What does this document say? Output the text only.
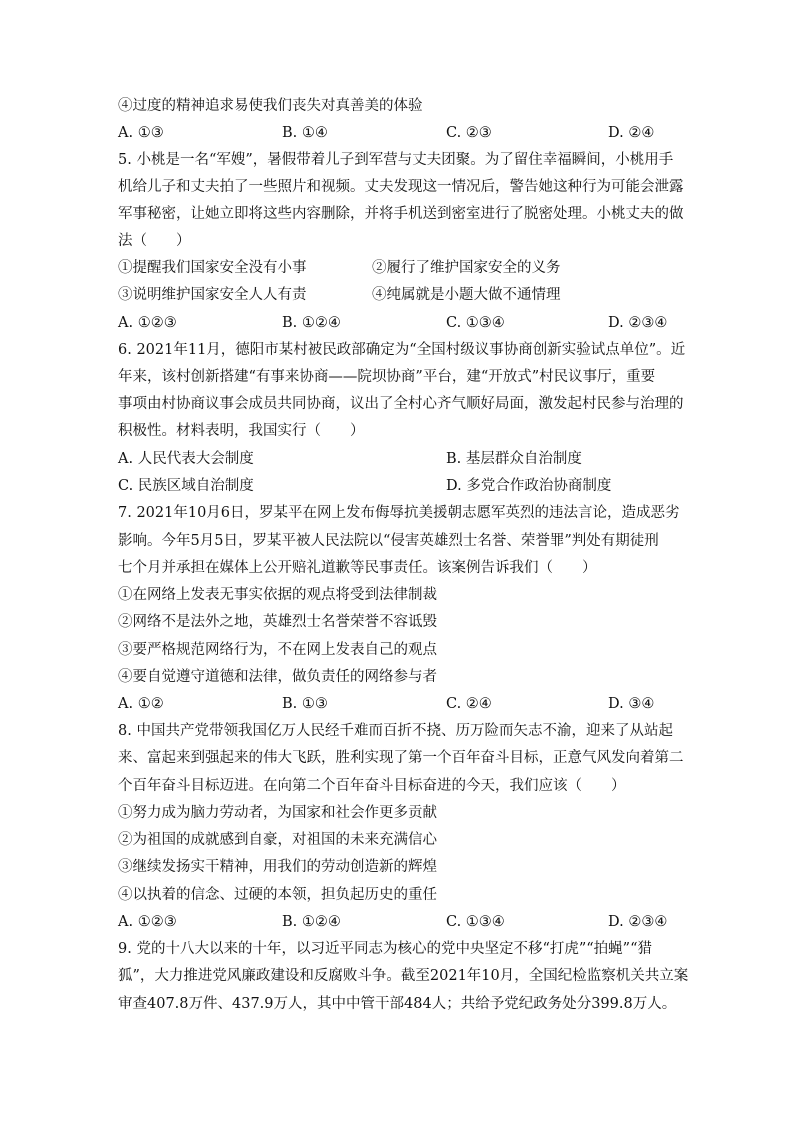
④过度的精神追求易使我们丧失对真善美的体验
A. ①③	B. ①④	C. ②③	D. ②④
5. 小桃是一名“军嫂”，暑假带着儿子到军营与丈夫团聚。为了留住幸福瞬间，小桃用手
机给儿子和丈夫拍了一些照片和视频。丈夫发现这一情况后，警告她这种行为可能会泄露
军事秘密，让她立即将这些内容删除，并将手机送到密室进行了脱密处理。小桃丈夫的做
法（　　）
①提醒我们国家安全没有小事	②履行了维护国家安全的义务
③说明维护国家安全人人有责	④纯属就是小题大做不通情理
A. ①②③	B. ①②④	C. ①③④	D. ②③④
6. 2021年11月，德阳市某村被民政部确定为“全国村级议事协商创新实验试点单位”。近
年来，该村创新搭建“有事来协商——院坝协商”平台，建“开放式”村民议事厅，重要
事项由村协商议事会成员共同协商，议出了全村心齐气顺好局面，激发起村民参与治理的
积极性。材料表明，我国实行（　　）
A. 人民代表大会制度	B. 基层群众自治制度
C. 民族区域自治制度	D. 多党合作政治协商制度
7. 2021年10月6日，罗某平在网上发布侮辱抗美援朝志愿军英烈的违法言论，造成恶劣
影响。今年5月5日，罗某平被人民法院以“侵害英雄烈士名誉、荣誉罪”判处有期徒刑
七个月并承担在媒体上公开赔礼道歉等民事责任。该案例告诉我们（　　）
①在网络上发表无事实依据的观点将受到法律制裁
②网络不是法外之地，英雄烈士名誉荣誉不容诋毁
③要严格规范网络行为，不在网上发表自己的观点
④要自觉遵守道德和法律，做负责任的网络参与者
A. ①②	B. ①③	C. ②④	D. ③④
8. 中国共产党带领我国亿万人民经千难而百折不挠、历万险而矢志不渝，迎来了从站起
来、富起来到强起来的伟大飞跃，胜利实现了第一个百年奋斗目标，正意气风发向着第二
个百年奋斗目标迈进。在向第二个百年奋斗目标奋进的今天，我们应该（　　）
①努力成为脑力劳动者，为国家和社会作更多贡献
②为祖国的成就感到自豪，对祖国的未来充满信心
③继续发扬实干精神，用我们的劳动创造新的辉煌
④以执着的信念、过硬的本领，担负起历史的重任
A. ①②③	B. ①②④	C. ①③④	D. ②③④
9. 党的十八大以来的十年，以习近平同志为核心的党中央坚定不移“打虎”“拍蝇”“猎
狐”，大力推进党风廉政建设和反腐败斗争。截至2021年10月，全国纪检监察机关共立案
审查407.8万件、437.9万人，其中中管干部484人；共给予党纪政务处分399.8万人。
